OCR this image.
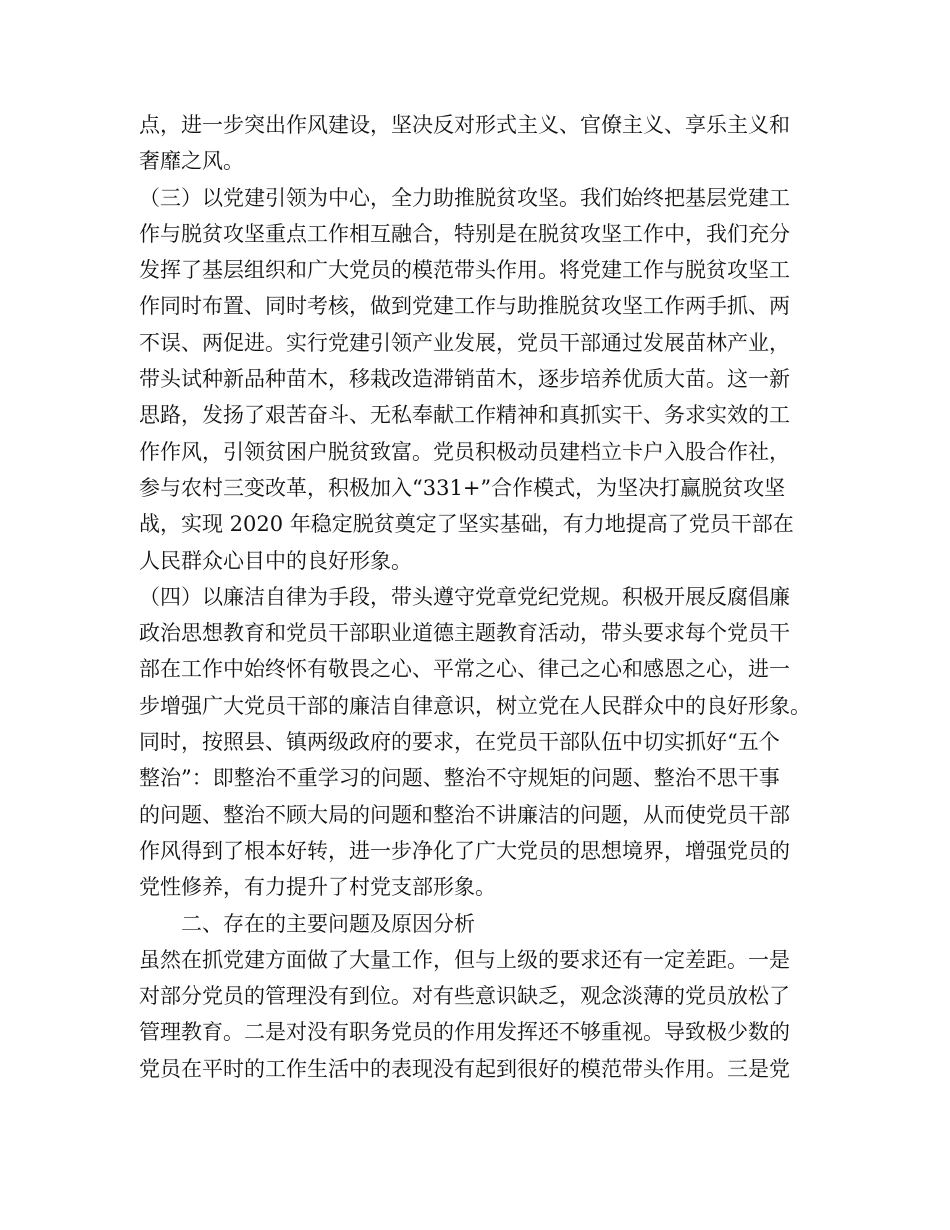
点，进一步突出作风建设，坚决反对形式主义、官僚主义、享乐主义和
奢靡之风。
（三）以党建引领为中心，全力助推脱贫攻坚。我们始终把基层党建工
作与脱贫攻坚重点工作相互融合，特别是在脱贫攻坚工作中，我们充分
发挥了基层组织和广大党员的模范带头作用。将党建工作与脱贫攻坚工
作同时布置、同时考核，做到党建工作与助推脱贫攻坚工作两手抓、两
不误、两促进。实行党建引领产业发展，党员干部通过发展苗林产业，
带头试种新品种苗木，移栽改造滞销苗木，逐步培养优质大苗。这一新
思路，发扬了艰苦奋斗、无私奉献工作精神和真抓实干、务求实效的工
作作风，引领贫困户脱贫致富。党员积极动员建档立卡户入股合作社，
参与农村三变改革，积极加入“331+”合作模式，为坚决打赢脱贫攻坚
战，实现 2020 年稳定脱贫奠定了坚实基础，有力地提高了党员干部在
人民群众心目中的良好形象。
（四）以廉洁自律为手段，带头遵守党章党纪党规。积极开展反腐倡廉
政治思想教育和党员干部职业道德主题教育活动，带头要求每个党员干
部在工作中始终怀有敬畏之心、平常之心、律己之心和感恩之心，进一
步增强广大党员干部的廉洁自律意识，树立党在人民群众中的良好形象。
同时，按照县、镇两级政府的要求，在党员干部队伍中切实抓好“五个
整治”：即整治不重学习的问题、整治不守规矩的问题、整治不思干事
的问题、整治不顾大局的问题和整治不讲廉洁的问题，从而使党员干部
作风得到了根本好转，进一步净化了广大党员的思想境界，增强党员的
党性修养，有力提升了村党支部形象。
二、存在的主要问题及原因分析
虽然在抓党建方面做了大量工作，但与上级的要求还有一定差距。一是
对部分党员的管理没有到位。对有些意识缺乏，观念淡薄的党员放松了
管理教育。二是对没有职务党员的作用发挥还不够重视。导致极少数的
党员在平时的工作生活中的表现没有起到很好的模范带头作用。三是党
